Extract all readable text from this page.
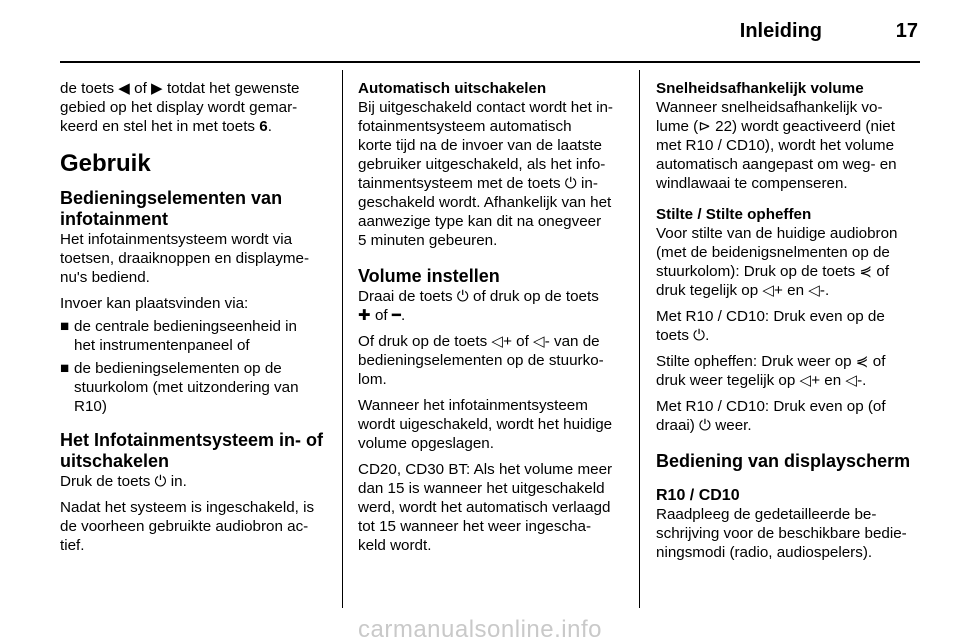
Inleiding	17
de toets ◀ of ▶ totdat het gewenste
gebied op het display wordt gemar-
keerd en stel het in met toets 6.
Gebruik
Bedieningselementen van
infotainment
Het infotainmentsysteem wordt via
toetsen, draaiknoppen en displayme-
nu's bediend.
Invoer kan plaatsvinden via:
■ de centrale bedieningseenheid in
het instrumentenpaneel of
■ de bedieningselementen op de
stuurkolom (met uitzondering van
R10)
Het Infotainmentsysteem in- of
uitschakelen
Druk de toets ⏻ in.
Nadat het systeem is ingeschakeld, is
de voorheen gebruikte audiobron ac-
tief.
Automatisch uitschakelen
Bij uitgeschakeld contact wordt het in-
fotainmentsysteem automatisch
korte tijd na de invoer van de laatste
gebruiker uitgeschakeld, als het info-
tainmentsysteem met de toets ⏻ in-
geschakeld wordt. Afhankelijk van het
aanwezige type kan dit na onegveer
5 minuten gebeuren.
Volume instellen
Draai de toets ⏻ of druk op de toets
✚ of ━.
Of druk op de toets ◁+ of ◁- van de
bedieningselementen op de stuurko-
lom.
Wanneer het infotainmentsysteem
wordt uigeschakeld, wordt het huidige
volume opgeslagen.
CD20, CD30 BT: Als het volume meer
dan 15 is wanneer het uitgeschakeld
werd, wordt het automatisch verlaagd
tot 15 wanneer het weer ingescha-
keld wordt.
Snelheidsafhankelijk volume
Wanneer snelheidsafhankelijk vo-
lume (⊳ 22) wordt geactiveerd (niet
met R10 / CD10), wordt het volume
automatisch aangepast om weg- en
windlawaai te compenseren.
Stilte / Stilte opheffen
Voor stilte van de huidige audiobron
(met de beidenigsnelmenten op de
stuurkolom): Druk op de toets ⋞ of
druk tegelijk op ◁+ en ◁-.
Met R10 / CD10: Druk even op de
toets ⏻.
Stilte opheffen: Druk weer op ⋞ of
druk weer tegelijk op ◁+ en ◁-.
Met R10 / CD10: Druk even op (of
draai) ⏻ weer.
Bediening van displayscherm
R10 / CD10
Raadpleeg de gedetailleerde be-
schrijving voor de beschikbare bedie-
ningsmodi (radio, audiospelers).
carmanualsonline.info
